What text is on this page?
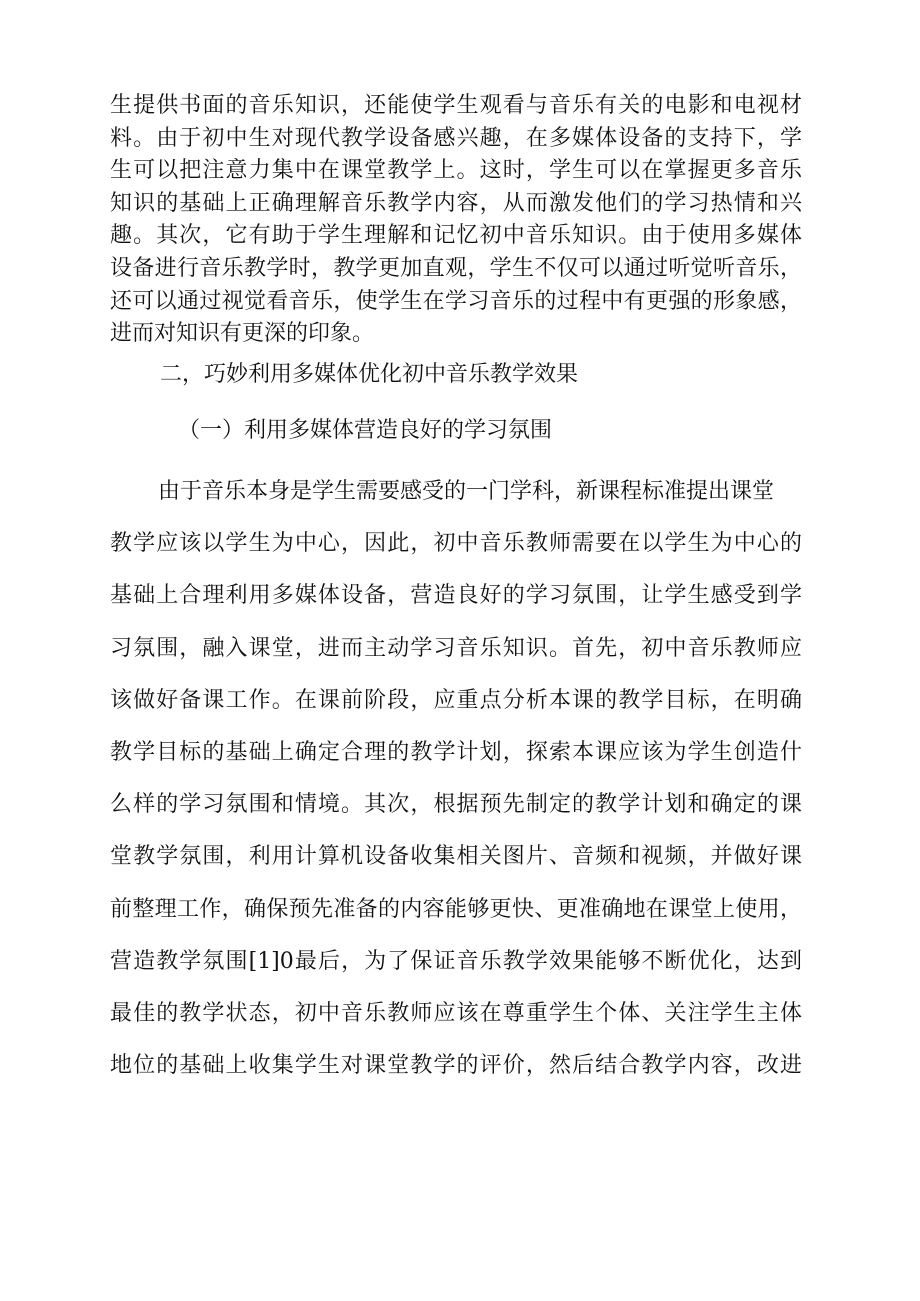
生提供书面的音乐知识，还能使学生观看与音乐有关的电影和电视材
料。由于初中生对现代教学设备感兴趣，在多媒体设备的支持下，学
生可以把注意力集中在课堂教学上。这时，学生可以在掌握更多音乐
知识的基础上正确理解音乐教学内容，从而激发他们的学习热情和兴
趣。其次，它有助于学生理解和记忆初中音乐知识。由于使用多媒体
设备进行音乐教学时，教学更加直观，学生不仅可以通过听觉听音乐，
还可以通过视觉看音乐，使学生在学习音乐的过程中有更强的形象感，
进而对知识有更深的印象。
二，巧妙利用多媒体优化初中音乐教学效果
（一）利用多媒体营造良好的学习氛围
由于音乐本身是学生需要感受的一门学科，新课程标准提出课堂
教学应该以学生为中心，因此，初中音乐教师需要在以学生为中心的
基础上合理利用多媒体设备，营造良好的学习氛围，让学生感受到学
习氛围，融入课堂，进而主动学习音乐知识。首先，初中音乐教师应
该做好备课工作。在课前阶段，应重点分析本课的教学目标，在明确
教学目标的基础上确定合理的教学计划，探索本课应该为学生创造什
么样的学习氛围和情境。其次，根据预先制定的教学计划和确定的课
堂教学氛围，利用计算机设备收集相关图片、音频和视频，并做好课
前整理工作，确保预先准备的内容能够更快、更准确地在课堂上使用，
营造教学氛围[1]0最后，为了保证音乐教学效果能够不断优化，达到
最佳的教学状态，初中音乐教师应该在尊重学生个体、关注学生主体
地位的基础上收集学生对课堂教学的评价，然后结合教学内容，改进
